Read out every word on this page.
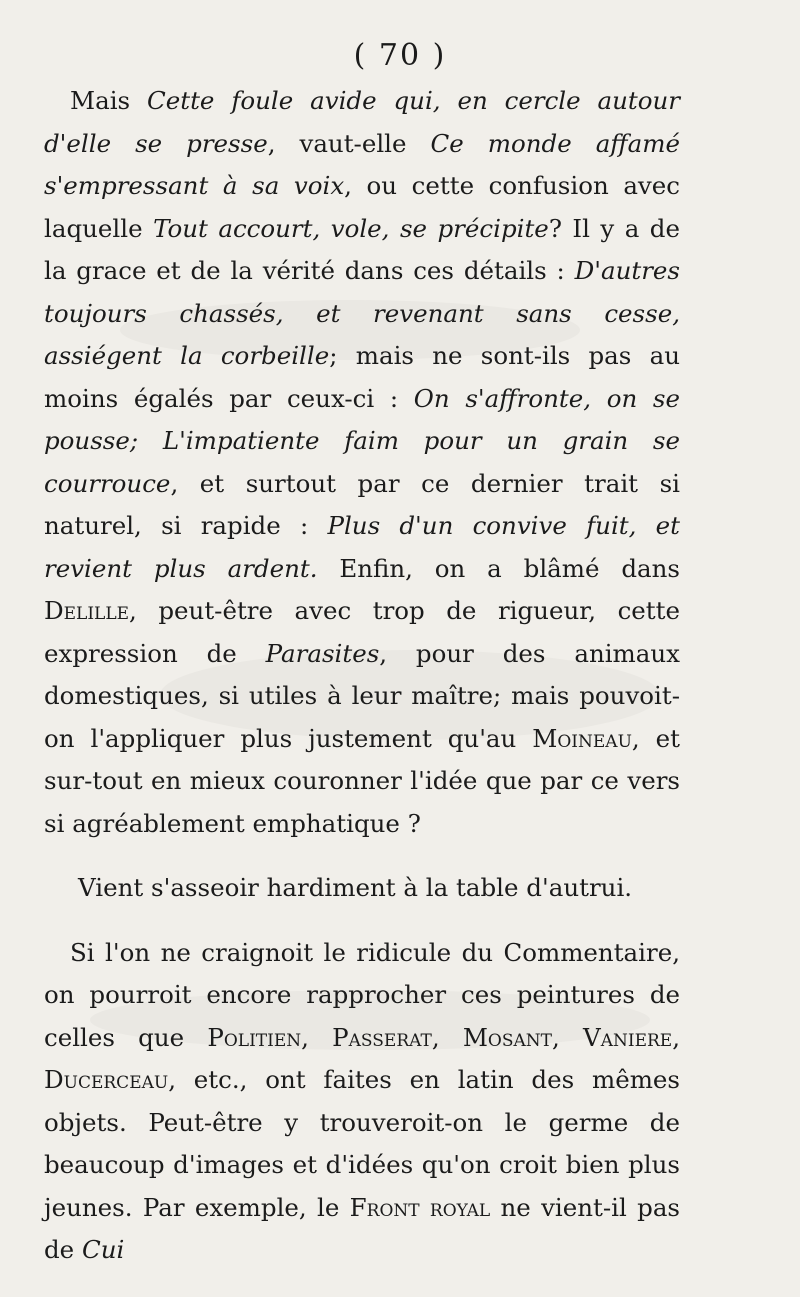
( 70 )

Mais Cette foule avide qui, en cercle autour d'elle se presse, vaut-elle Ce monde affamé s'empressant à sa voix, ou cette confusion avec laquelle Tout accourt, vole, se précipite? Il y a de la grace et de la vérité dans ces détails : D'autres toujours chassés, et revenant sans cesse, assiégent la corbeille; mais ne sont-ils pas au moins égalés par ceux-ci : On s'affronte, on se pousse; L'impatiente faim pour un grain se courrouce, et surtout par ce dernier trait si naturel, si rapide : Plus d'un convive fuit, et revient plus ardent. Enfin, on a blâmé dans Delille, peut-être avec trop de rigueur, cette expression de Parasites, pour des animaux domestiques, si utiles à leur maître; mais pouvoit-on l'appliquer plus justement qu'au Moineau, et sur-tout en mieux couronner l'idée que par ce vers si agréablement emphatique ?

Vient s'asseoir hardiment à la table d'autrui.

Si l'on ne craignoit le ridicule du Commentaire, on pourroit encore rapprocher ces peintures de celles que Politien, Passerat, Mosant, Vaniere, Ducerceau, etc., ont faites en latin des mêmes objets. Peut-être y trouveroit-on le germe de beaucoup d'images et d'idées qu'on croit bien plus jeunes. Par exemple, le Front royal ne vient-il pas de Cui
